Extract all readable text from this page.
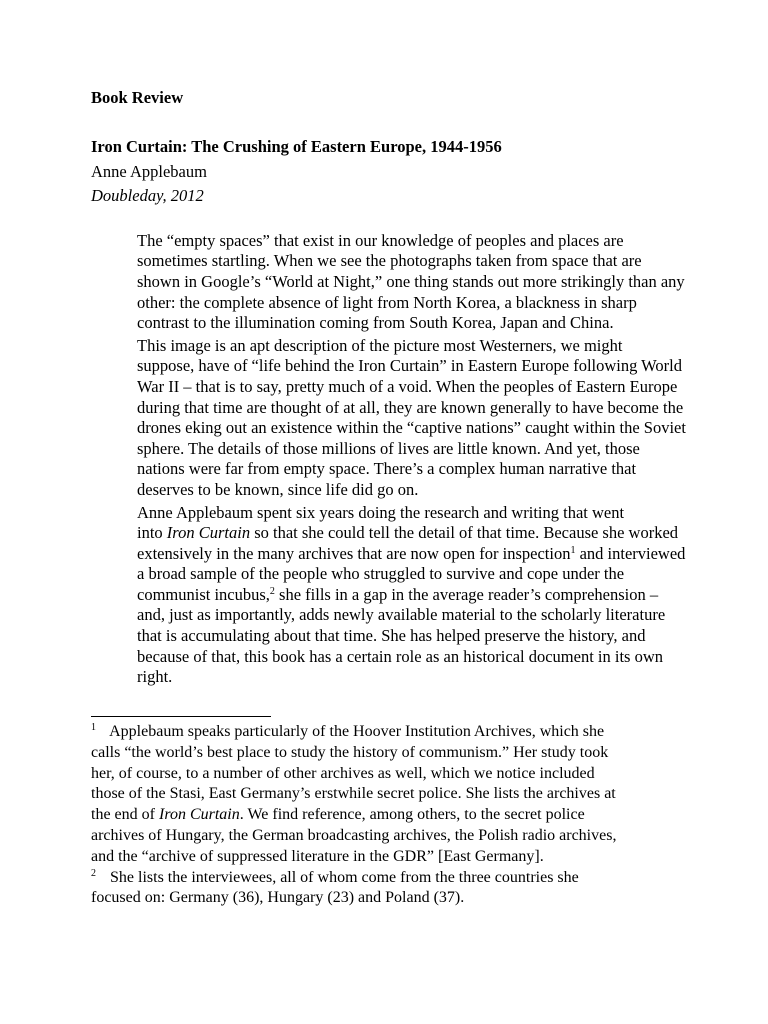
Book Review

Iron Curtain: The Crushing of Eastern Europe, 1944-1956

Anne Applebaum

Doubleday, 2012

The “empty spaces” that exist in our knowledge of peoples and places are
sometimes startling. When we see the photographs taken from space that are
shown in Google’s “World at Night,” one thing stands out more strikingly than any
other: the complete absence of light from North Korea, a blackness in sharp
contrast to the illumination coming from South Korea, Japan and China.

This image is an apt description of the picture most Westerners, we might
suppose, have of “life behind the Iron Curtain” in Eastern Europe following World
War II – that is to say, pretty much of a void. When the peoples of Eastern Europe
during that time are thought of at all, they are known generally to have become the
drones eking out an existence within the “captive nations” caught within the Soviet
sphere. The details of those millions of lives are little known. And yet, those
nations were far from empty space. There’s a complex human narrative that
deserves to be known, since life did go on.

Anne Applebaum spent six years doing the research and writing that went
into Iron Curtain so that she could tell the detail of that time. Because she worked
extensively in the many archives that are now open for inspection$^1$ and interviewed
a broad sample of the people who struggled to survive and cope under the
communist incubus,$^2$ she fills in a gap in the average reader’s comprehension –
and, just as importantly, adds newly available material to the scholarly literature
that is accumulating about that time. She has helped preserve the history, and
because of that, this book has a certain role as an historical document in its own
right.

$^1$ Applebaum speaks particularly of the Hoover Institution Archives, which she
calls “the world’s best place to study the history of communism.” Her study took
her, of course, to a number of other archives as well, which we notice included
those of the Stasi, East Germany’s erstwhile secret police. She lists the archives at
the end of Iron Curtain. We find reference, among others, to the secret police
archives of Hungary, the German broadcasting archives, the Polish radio archives,
and the “archive of suppressed literature in the GDR” [East Germany].

$^2$ She lists the interviewees, all of whom come from the three countries she
focused on: Germany (36), Hungary (23) and Poland (37).
